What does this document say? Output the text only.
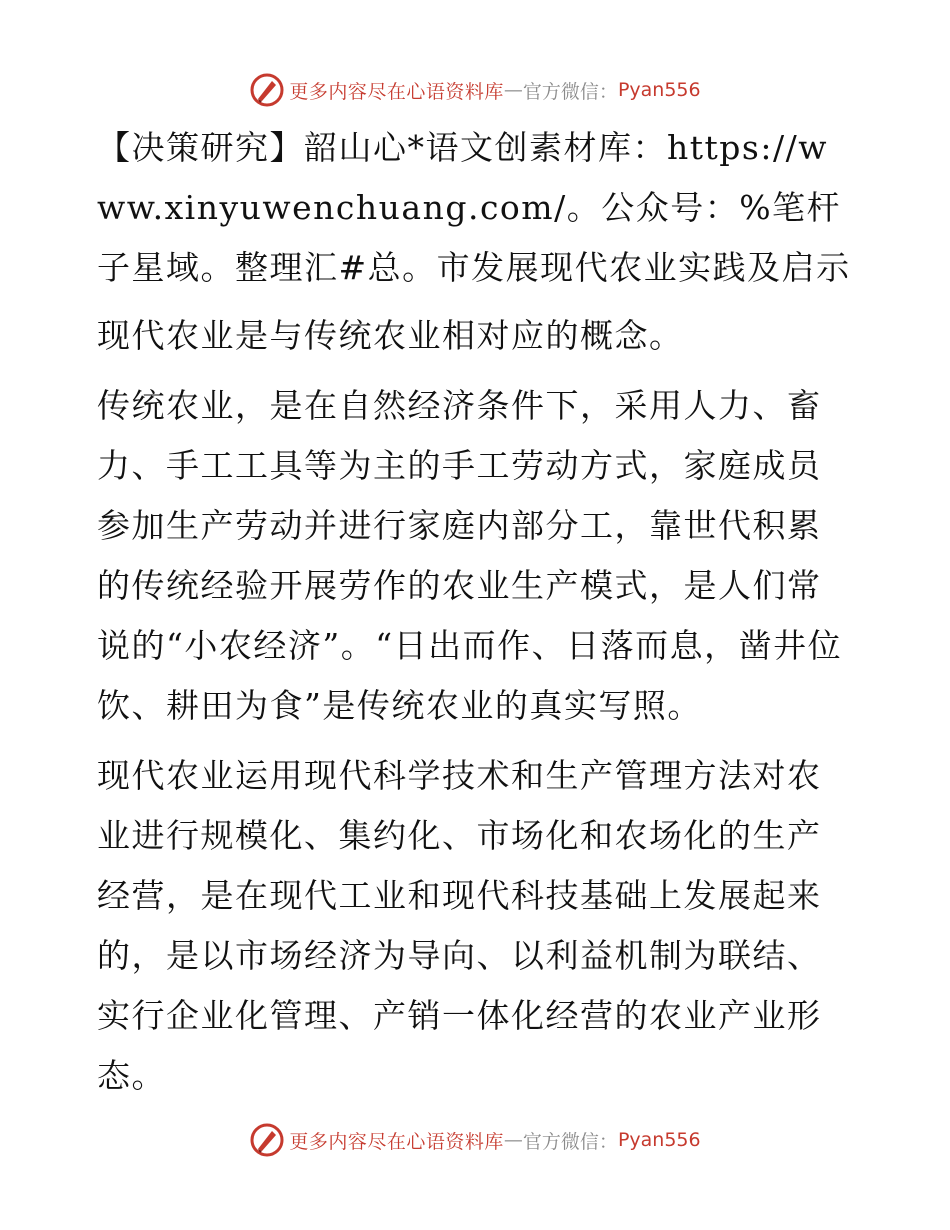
更多内容尽在心语资料库 — 官方微信： Pyan556

【决策研究】韶山心*语文创素材库：https://www.xinyuwenchuang.com/。公众号：%笔杆子星域。整理汇#总。市发展现代农业实践及启示

现代农业是与传统农业相对应的概念。

传统农业，是在自然经济条件下，采用人力、畜力、手工工具等为主的手工劳动方式，家庭成员参加生产劳动并进行家庭内部分工，靠世代积累的传统经验开展劳作的农业生产模式，是人们常说的“小农经济”。“日出而作、日落而息，凿井位饮、耕田为食”是传统农业的真实写照。

现代农业运用现代科学技术和生产管理方法对农业进行规模化、集约化、市场化和农场化的生产经营，是在现代工业和现代科技基础上发展起来的，是以市场经济为导向、以利益机制为联结、实行企业化管理、产销一体化经营的农业产业形态。

更多内容尽在心语资料库 — 官方微信： Pyan556
